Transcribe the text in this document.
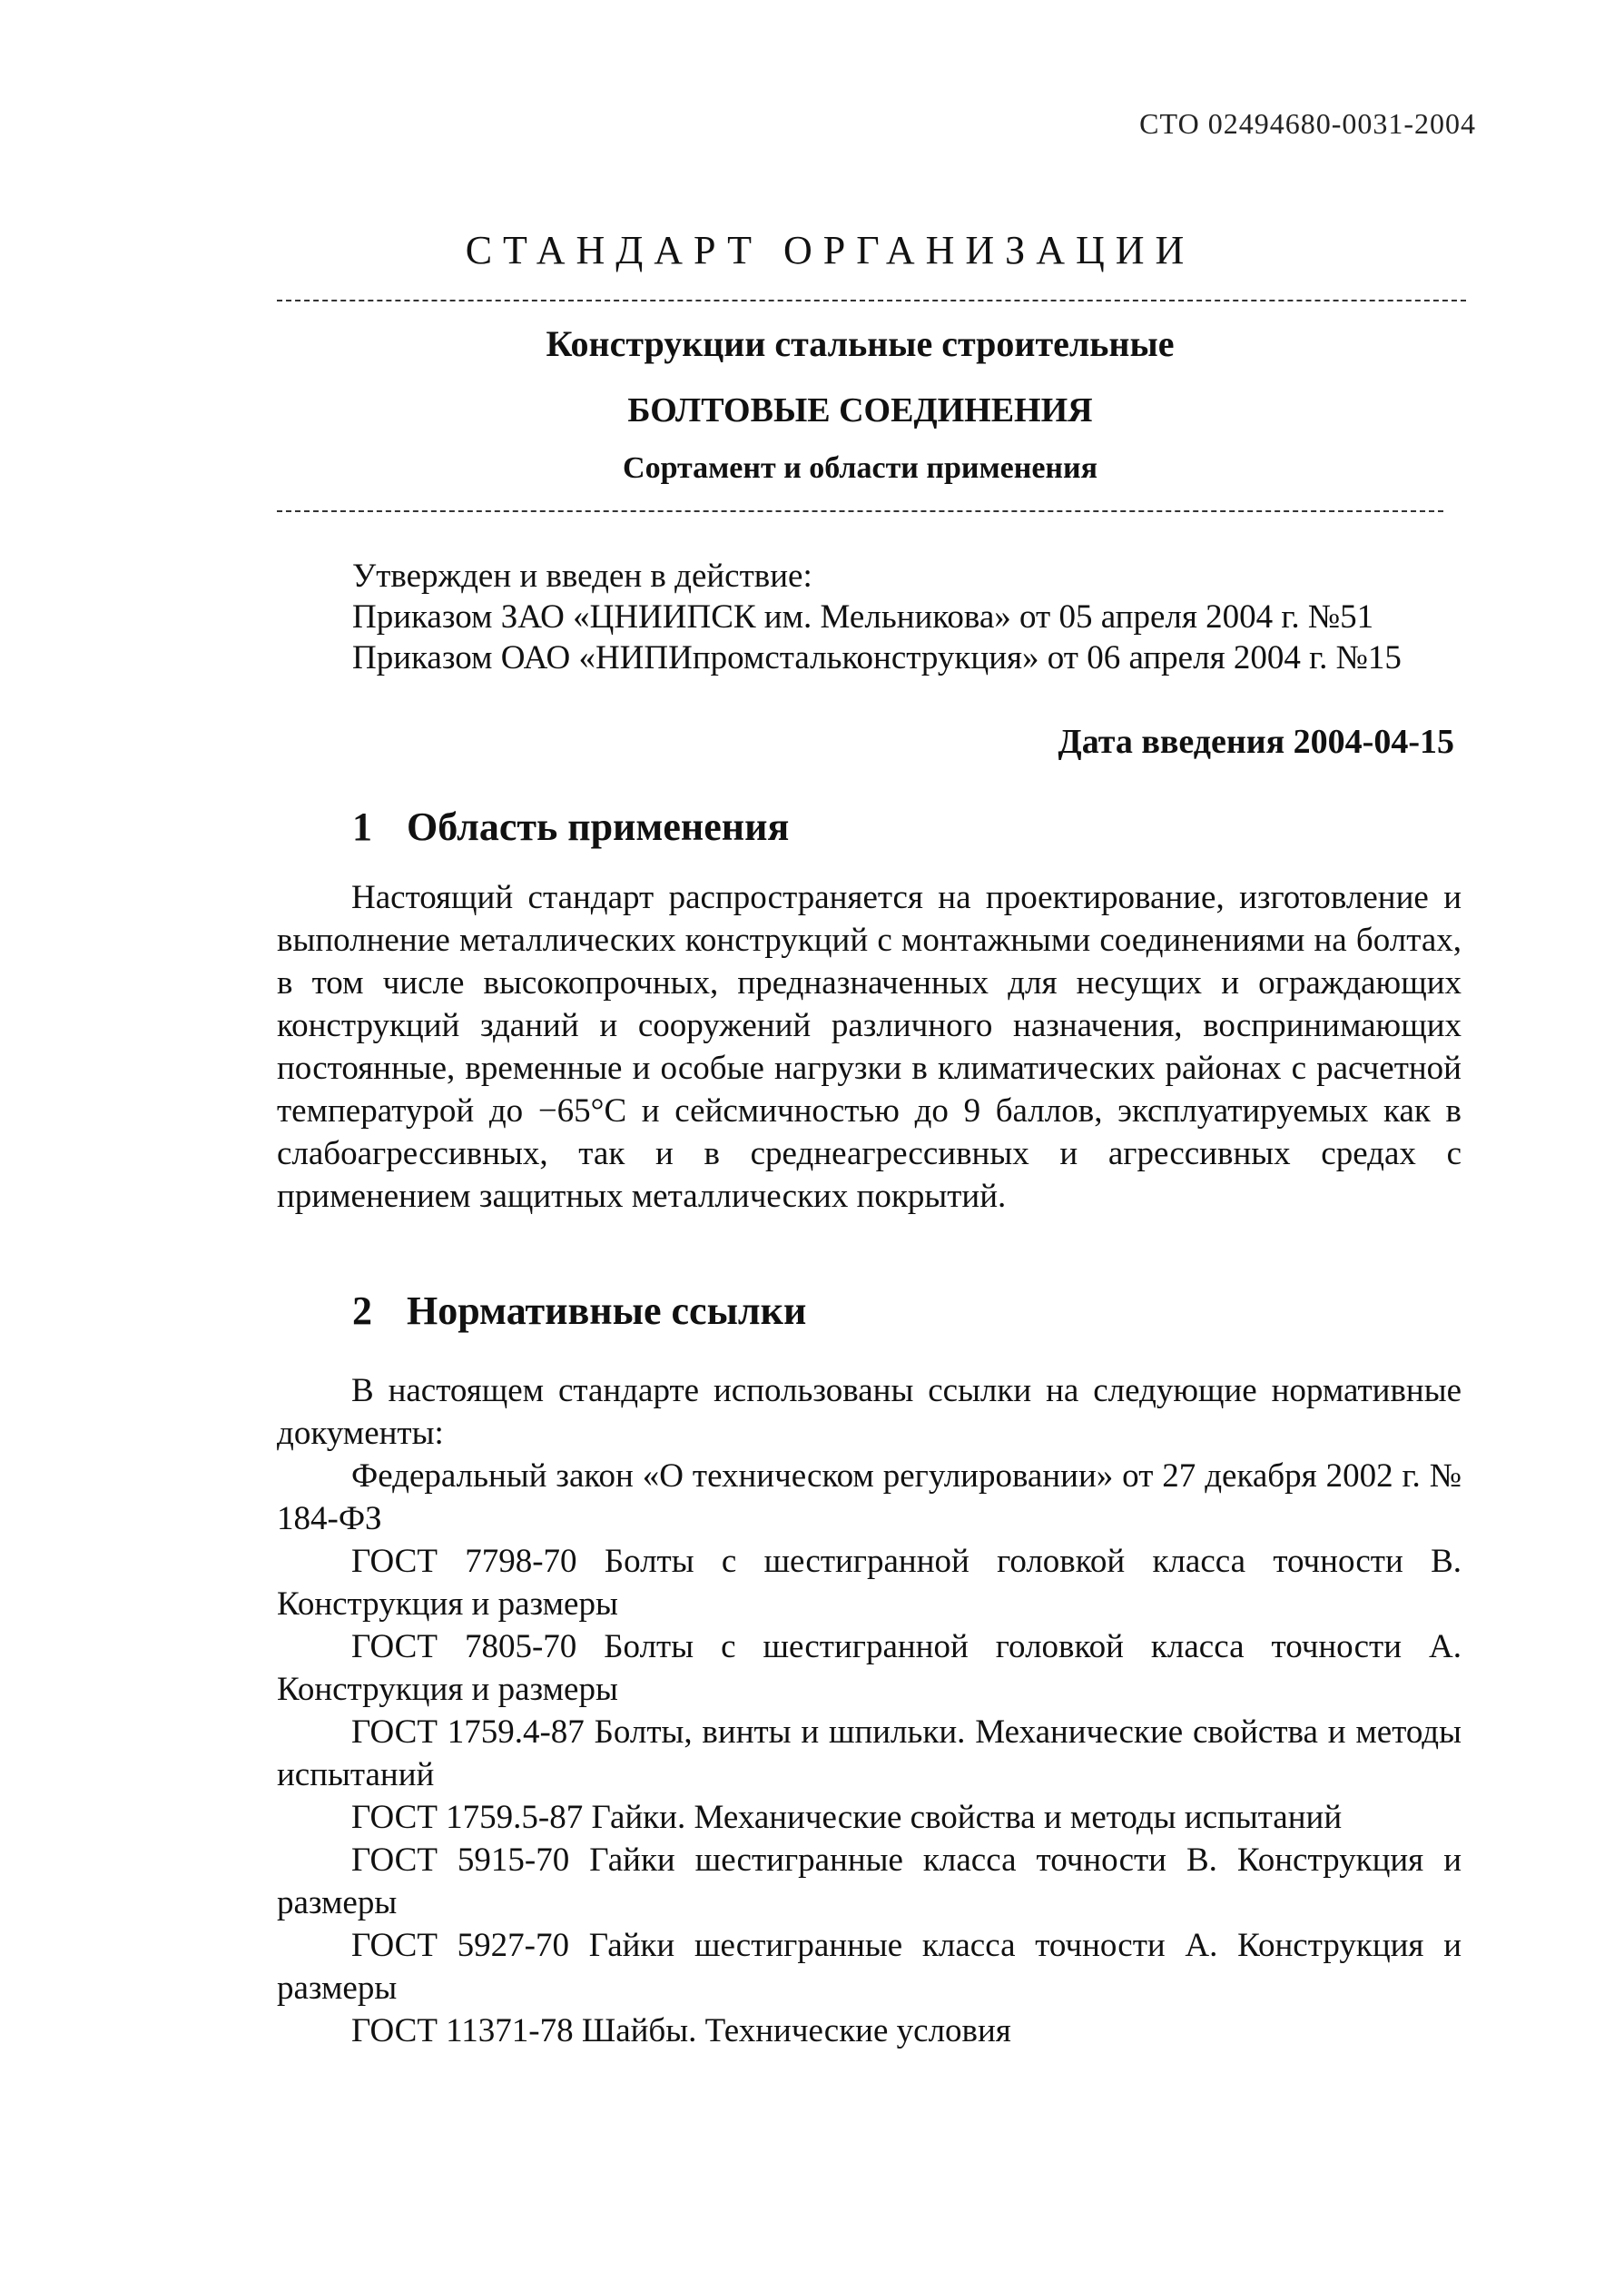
СТО 02494680-0031-2004
СТАНДАРТ ОРГАНИЗАЦИИ
Конструкции стальные строительные
БОЛТОВЫЕ СОЕДИНЕНИЯ
Сортамент и области применения
Утвержден и введен в действие:
Приказом ЗАО «ЦНИИПСК им. Мельникова» от 05 апреля 2004 г. №51
Приказом ОАО «НИПИпромстальконструкция» от 06 апреля 2004 г. №15
Дата введения 2004-04-15
1 Область применения
Настоящий стандарт распространяется на проектирование, изготовление и выполнение металлических конструкций с монтажными соединениями на болтах, в том числе высокопрочных, предназначенных для несущих и ограждающих конструкций зданий и сооружений различного назначения, воспринимающих постоянные, временные и особые нагрузки в климатических районах с расчетной температурой до −65°С и сейсмичностью до 9 баллов, эксплуатируемых как в слабоагрессивных, так и в среднеагрессивных и агрессивных средах с применением защитных металлических покрытий.
2 Нормативные ссылки

В настоящем стандарте использованы ссылки на следующие нормативные документы:

Федеральный закон «О техническом регулировании» от 27 декабря 2002 г. № 184-ФЗ

ГОСТ 7798-70 Болты с шестигранной головкой класса точности В. Конструкция и размеры

ГОСТ 7805-70 Болты с шестигранной головкой класса точности А. Конструкция и размеры

ГОСТ 1759.4-87 Болты, винты и шпильки. Механические свойства и методы испытаний

ГОСТ 1759.5-87 Гайки. Механические свойства и методы испытаний

ГОСТ 5915-70 Гайки шестигранные класса точности В. Конструкция и размеры

ГОСТ 5927-70 Гайки шестигранные класса точности А. Конструкция и размеры

ГОСТ 11371-78 Шайбы. Технические условия
